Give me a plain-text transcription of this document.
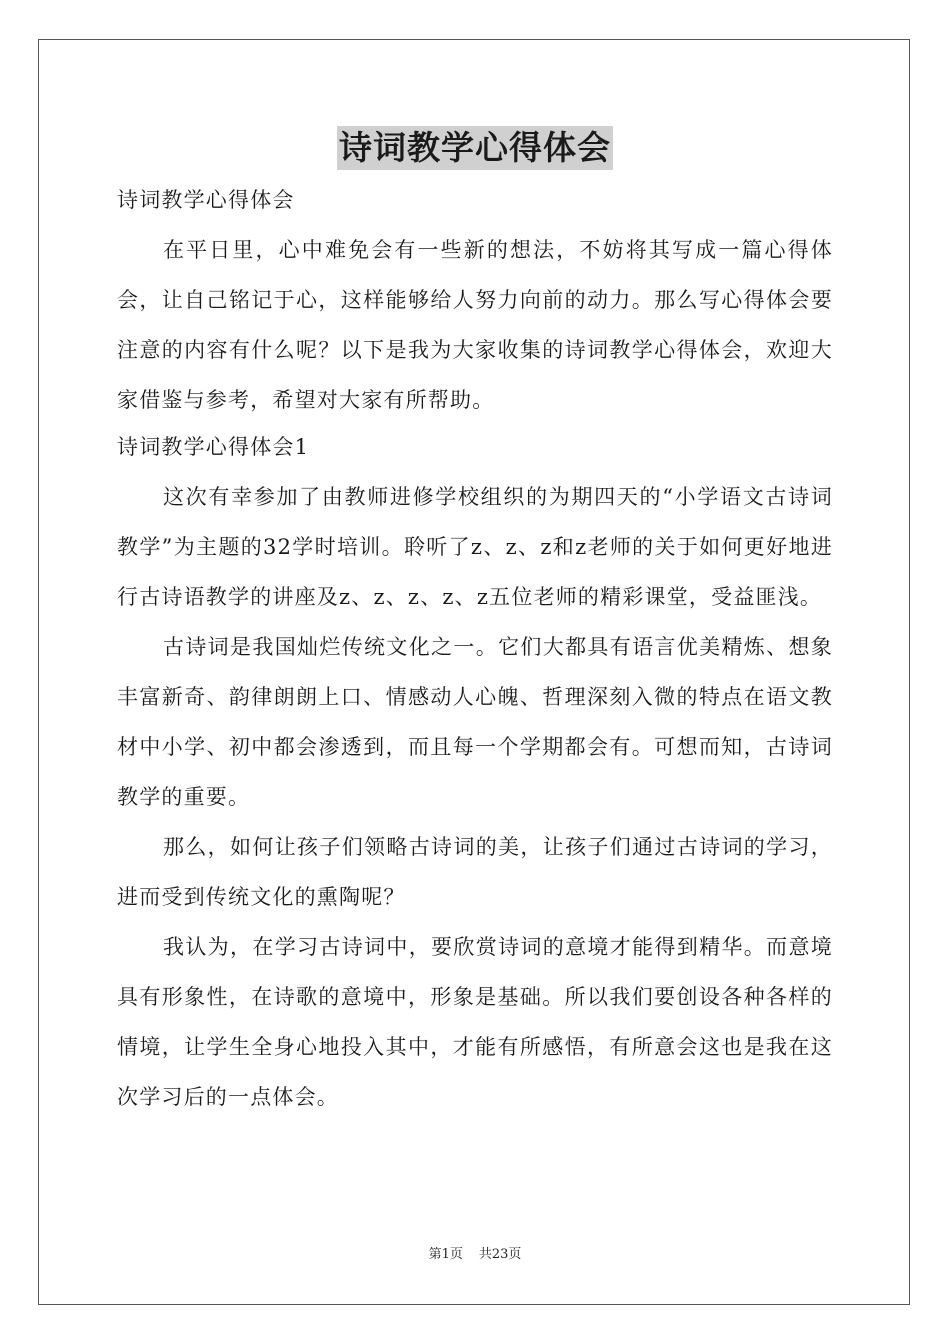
诗词教学心得体会

诗词教学心得体会

在平日里，心中难免会有一些新的想法，不妨将其写成一篇心得体会，让自己铭记于心，这样能够给人努力向前的动力。那么写心得体会要注意的内容有什么呢？以下是我为大家收集的诗词教学心得体会，欢迎大家借鉴与参考，希望对大家有所帮助。

诗词教学心得体会1

这次有幸参加了由教师进修学校组织的为期四天的“小学语文古诗词教学”为主题的32学时培训。聆听了z、z、z和z老师的关于如何更好地进行古诗语教学的讲座及z、z、z、z、z五位老师的精彩课堂，受益匪浅。

古诗词是我国灿烂传统文化之一。它们大都具有语言优美精炼、想象丰富新奇、韵律朗朗上口、情感动人心魄、哲理深刻入微的特点在语文教材中小学、初中都会渗透到，而且每一个学期都会有。可想而知，古诗词教学的重要。

那么，如何让孩子们领略古诗词的美，让孩子们通过古诗词的学习，进而受到传统文化的熏陶呢？

我认为，在学习古诗词中，要欣赏诗词的意境才能得到精华。而意境具有形象性，在诗歌的意境中，形象是基础。所以我们要创设各种各样的情境，让学生全身心地投入其中，才能有所感悟，有所意会这也是我在这次学习后的一点体会。

第1页 共23页
